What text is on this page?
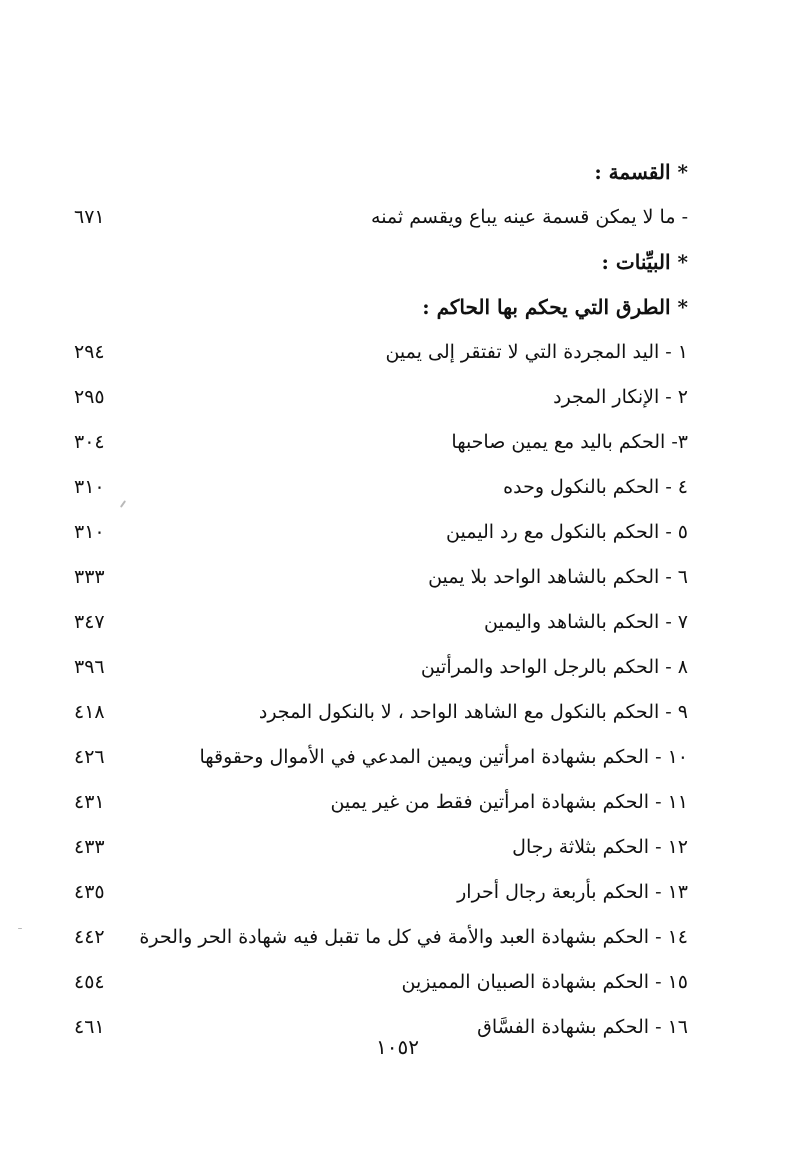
* القسمة :
- ما لا يمكن قسمة عينه يباع ويقسم ثمنه
٦٧١
* البيِّنات :
* الطرق التي يحكم بها الحاكم :
١ - اليد المجردة التي لا تفتقر إلى يمين
٢٩٤
٢ - الإنكار المجرد
٢٩٥
٣- الحكم باليد مع يمين صاحبها
٣٠٤
٤ - الحكم بالنكول وحده
٣١٠
٥ - الحكم بالنكول مع رد اليمين
٣١٠
٦ - الحكم بالشاهد الواحد بلا يمين
٣٣٣
٧ - الحكم بالشاهد واليمين
٣٤٧
٨ - الحكم بالرجل الواحد والمرأتين
٣٩٦
٩ - الحكم بالنكول مع الشاهد الواحد ، لا بالنكول المجرد
٤١٨
١٠ - الحكم بشهادة امرأتين ويمين المدعي في الأموال وحقوقها
٤٢٦
١١ - الحكم بشهادة امرأتين فقط من غير يمين
٤٣١
١٢ - الحكم بثلاثة رجال
٤٣٣
١٣ - الحكم بأربعة رجال أحرار
٤٣٥
١٤ - الحكم بشهادة العبد والأمة في كل ما تقبل فيه شهادة الحر والحرة
٤٤٢
١٥ - الحكم بشهادة الصبيان المميزين
٤٥٤
١٦ - الحكم بشهادة الفسَّاق
٤٦١
١٠٥٢
